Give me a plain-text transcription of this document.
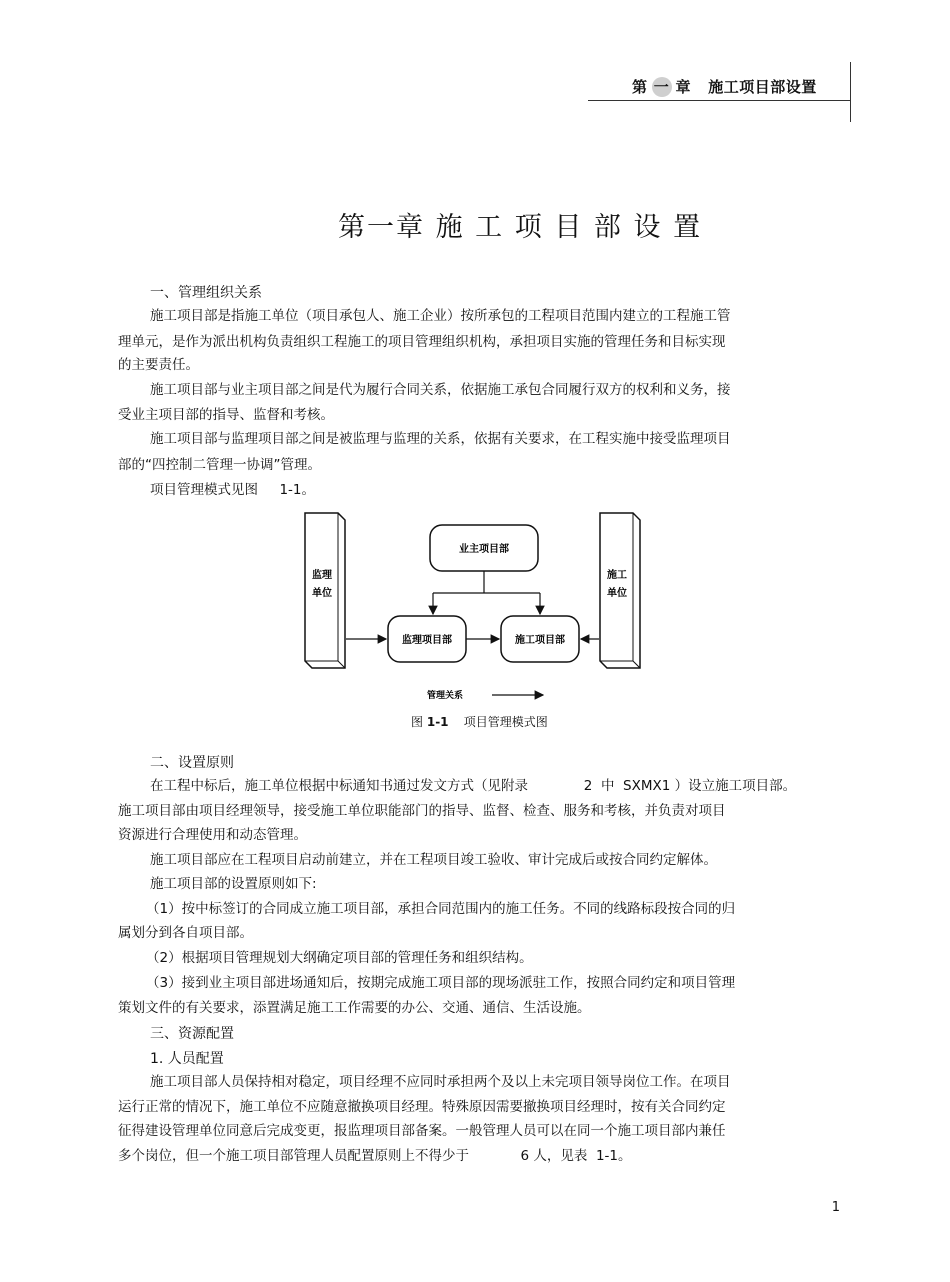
第 一 章 施工项目部设置
第一章 施 工 项 目 部 设 置
一、管理组织关系
施工项目部是指施工单位（项目承包人、施工企业）按所承包的工程项目范围内建立的工程施工管
理单元，是作为派出机构负责组织工程施工的项目管理组织机构，承担项目实施的管理任务和目标实现
的主要责任。
施工项目部与业主项目部之间是代为履行合同关系，依据施工承包合同履行双方的权利和义务，接
受业主项目部的指导、监督和考核。
施工项目部与监理项目部之间是被监理与监理的关系，依据有关要求，在工程实施中接受监理项目
部的“四控制二管理一协调”管理。
项目管理模式见图     1-1。
监理
单位
施工
单位
业主项目部
监理项目部	施工项目部
管理关系
图 1-1 项目管理模式图
二、设置原则
在工程中标后，施工单位根据中标通知书通过发文方式（见附录             2  中  SXMX1 ）设立施工项目部。
施工项目部由项目经理领导，接受施工单位职能部门的指导、监督、检查、服务和考核，并负责对项目
资源进行合理使用和动态管理。
施工项目部应在工程项目启动前建立，并在工程项目竣工验收、审计完成后或按合同约定解体。
施工项目部的设置原则如下:
（1）按中标签订的合同成立施工项目部，承担合同范围内的施工任务。不同的线路标段按合同的归
属划分到各自项目部。
（2）根据项目管理规划大纲确定项目部的管理任务和组织结构。
（3）接到业主项目部进场通知后，按期完成施工项目部的现场派驻工作，按照合同约定和项目管理
策划文件的有关要求，添置满足施工工作需要的办公、交通、通信、生活设施。
三、资源配置
1. 人员配置
施工项目部人员保持相对稳定，项目经理不应同时承担两个及以上未完项目领导岗位工作。在项目
运行正常的情况下，施工单位不应随意撤换项目经理。特殊原因需要撤换项目经理时，按有关合同约定
征得建设管理单位同意后完成变更，报监理项目部备案。一般管理人员可以在同一个施工项目部内兼任
多个岗位，但一个施工项目部管理人员配置原则上不得少于            6 人，见表  1-1。
1
